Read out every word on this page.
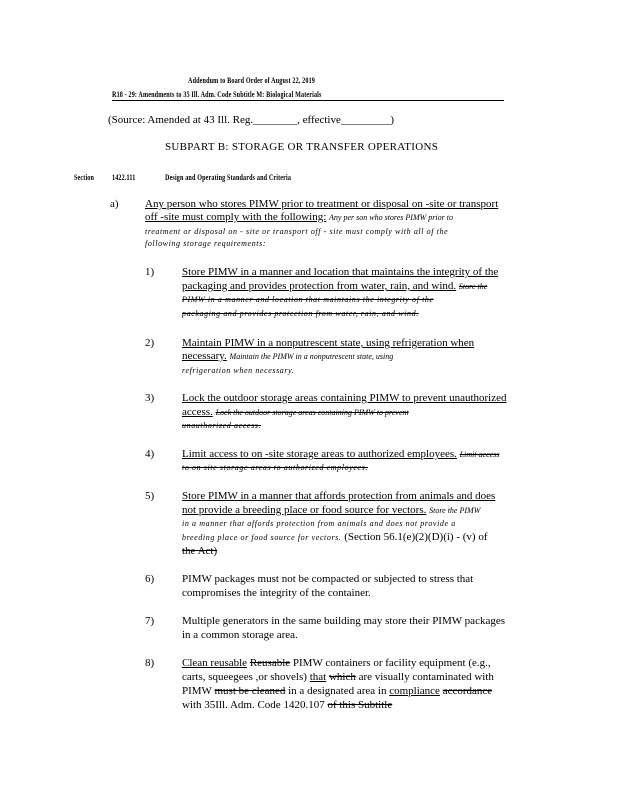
Addendum to Board Order of August 22, 2019
R18 - 29: Amendments to 35 Ill. Adm. Code Subtitle M: Biological Materials
(Source: Amended at 43 Ill. Reg.________, effective_________)
SUBPART B: STORAGE OR TRANSFER OPERATIONS
Section 1422.111	Design and Operating Standards and Criteria
a) Any person who stores PIMW prior to treatment or disposal on -site or transport
off -site must comply with the following: Any per son who stores PIMW prior to
treatment or disposal on - site or transport off - site must comply with all of the
following storage requirements:
1)	Store PIMW in a manner and location that maintains the integrity of the
packaging and provides protection from water, rain, and wind. Store the
PIMW in a manner and location that maintains the integrity of the
packaging and provides protection from water, rain, and wind.
2)	Maintain PIMW in a nonputrescent state, using refrigeration when
necessary. Maintain the PIMW in a nonputrescent state, using
refrigeration when necessary.
3)	Lock the outdoor storage areas containing PIMW to prevent unauthorized
access. Lock the outdoor storage areas containing PIMW to prevent
unauthorized access.
4)	Limit access to on -site storage areas to authorized employees. Limit access
to on site storage areas to authorized employees.
5)	Store PIMW in a manner that affords protection from animals and does
not provide a breeding place or food source for vectors. Store the PIMW
in a manner that affords protection from animals and does not provide a
breeding place or food source for vectors. (Section 56.1(e)(2)(D)(i) - (v) of
the Act)
6)	PIMW packages must not be compacted or subjected to stress that
compromises the integrity of the container.
7)	Multiple generators in the same building may store their PIMW packages
in a common storage area.
8)	Clean reusable Reusable PIMW containers or facility equipment (e.g.,
carts, squeegees ,or shovels) that which are visually contaminated with
PIMW must be cleaned in a designated area in compliance accordance
with 35Ill. Adm. Code 1420.107 of this Subtitle
